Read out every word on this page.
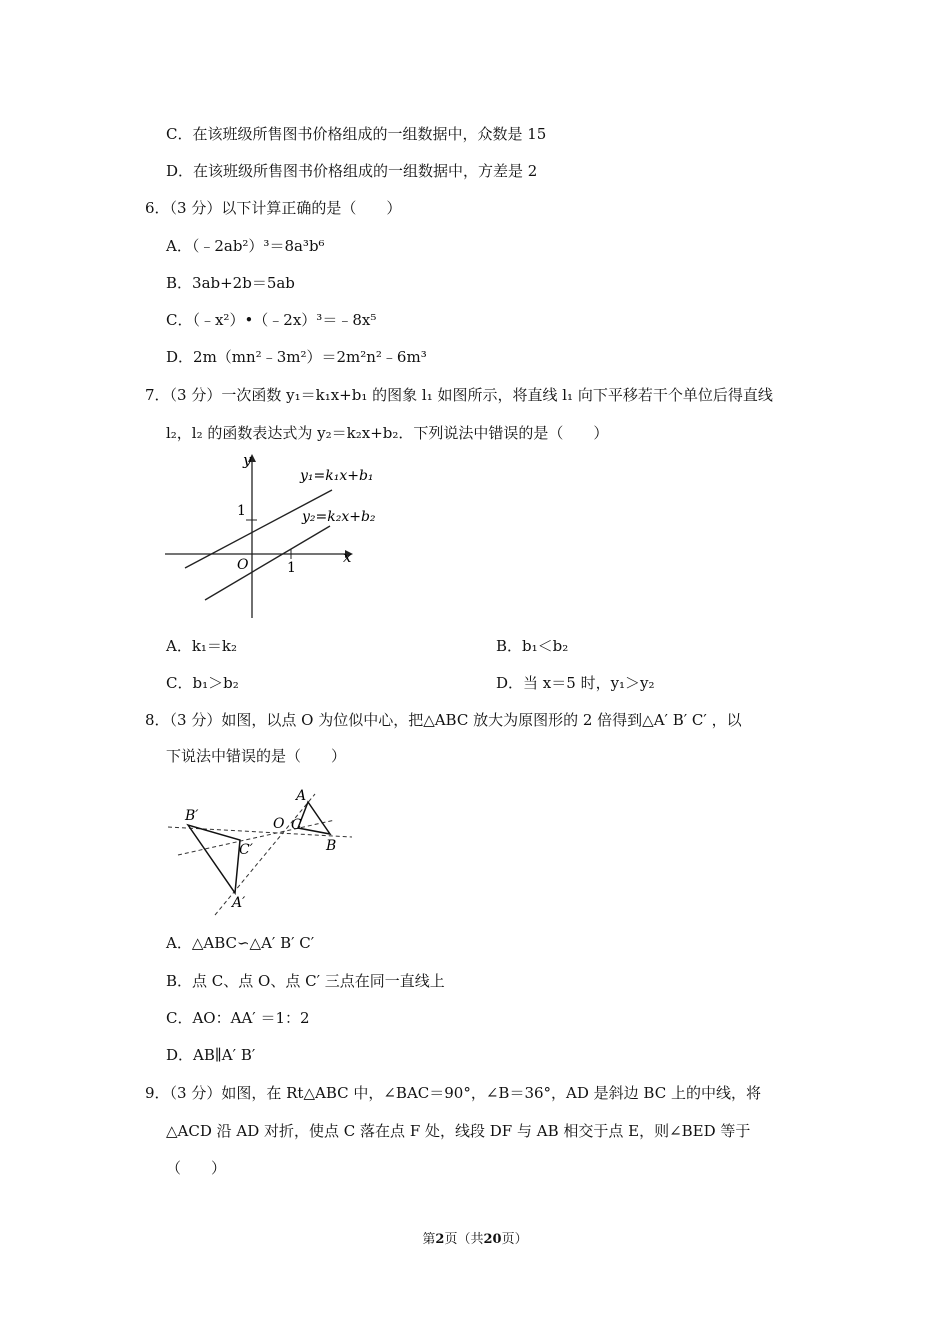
C．在该班级所售图书价格组成的一组数据中，众数是 15
D．在该班级所售图书价格组成的一组数据中，方差是 2
6．（3 分）以下计算正确的是（　　）
A．（﹣2ab²）³＝8a³b⁶
B．3ab+2b＝5ab
C．（﹣x²）•（﹣2x）³＝﹣8x⁵
D．2m（mn²﹣3m²）＝2m²n²﹣6m³
7．（3 分）一次函数 y₁＝k₁x+b₁ 的图象 l₁ 如图所示，将直线 l₁ 向下平移若干个单位后得直线
l₂，l₂ 的函数表达式为 y₂＝k₂x+b₂．下列说法中错误的是（　　）
y
x
O
1
1
y₁=k₁x+b₁
y₂=k₂x+b₂
A．k₁＝k₂	B．b₁＜b₂
C．b₁＞b₂	D．当 x＝5 时，y₁＞y₂
8．（3 分）如图，以点 O 为位似中心，把△ABC 放大为原图形的 2 倍得到△A′ B′ C′ ，以
下说法中错误的是（　　）
A
B
C
O
A′
B′
C′
A．△ABC∽△A′ B′ C′
B．点 C、点 O、点 C′ 三点在同一直线上
C．AO：AA′ ＝1：2
D．AB∥A′ B′
9．（3 分）如图，在 Rt△ABC 中，∠BAC＝90°，∠B＝36°，AD 是斜边 BC 上的中线，将
△ACD 沿 AD 对折，使点 C 落在点 F 处，线段 DF 与 AB 相交于点 E，则∠BED 等于
（　　）
第2页（共20页）
